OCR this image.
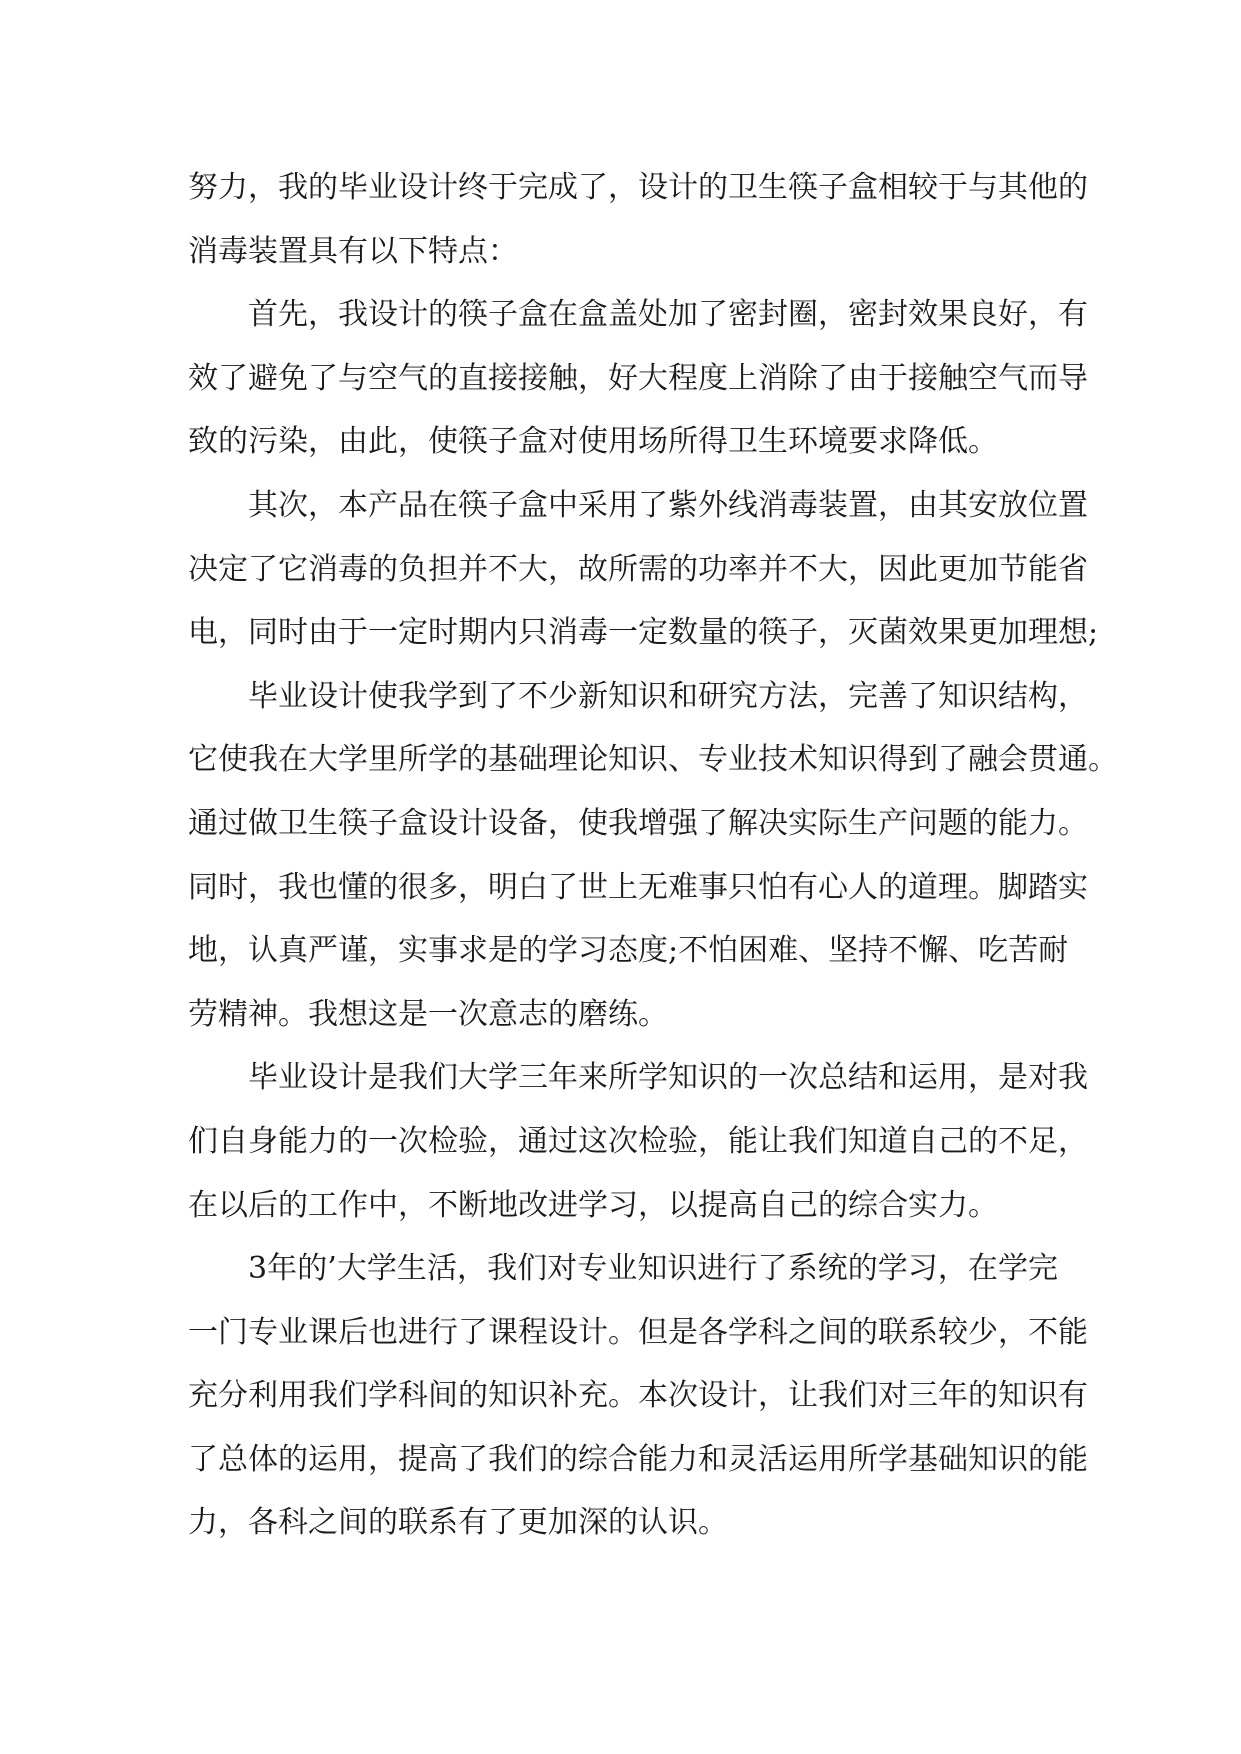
努力，我的毕业设计终于完成了，设计的卫生筷子盒相较于与其他的
消毒装置具有以下特点：
首先，我设计的筷子盒在盒盖处加了密封圈，密封效果良好，有
效了避免了与空气的直接接触，好大程度上消除了由于接触空气而导
致的污染，由此，使筷子盒对使用场所得卫生环境要求降低。
其次，本产品在筷子盒中采用了紫外线消毒装置，由其安放位置
决定了它消毒的负担并不大，故所需的功率并不大，因此更加节能省
电，同时由于一定时期内只消毒一定数量的筷子，灭菌效果更加理想;
毕业设计使我学到了不少新知识和研究方法，完善了知识结构，
它使我在大学里所学的基础理论知识、专业技术知识得到了融会贯通。
通过做卫生筷子盒设计设备，使我增强了解决实际生产问题的能力。
同时，我也懂的很多，明白了世上无难事只怕有心人的道理。脚踏实
地，认真严谨，实事求是的学习态度;不怕困难、坚持不懈、吃苦耐
劳精神。我想这是一次意志的磨练。
毕业设计是我们大学三年来所学知识的一次总结和运用，是对我
们自身能力的一次检验，通过这次检验，能让我们知道自己的不足，
在以后的工作中，不断地改进学习，以提高自己的综合实力。
3年的’大学生活，我们对专业知识进行了系统的学习，在学完
一门专业课后也进行了课程设计。但是各学科之间的联系较少，不能
充分利用我们学科间的知识补充。本次设计，让我们对三年的知识有
了总体的运用，提高了我们的综合能力和灵活运用所学基础知识的能
力，各科之间的联系有了更加深的认识。
